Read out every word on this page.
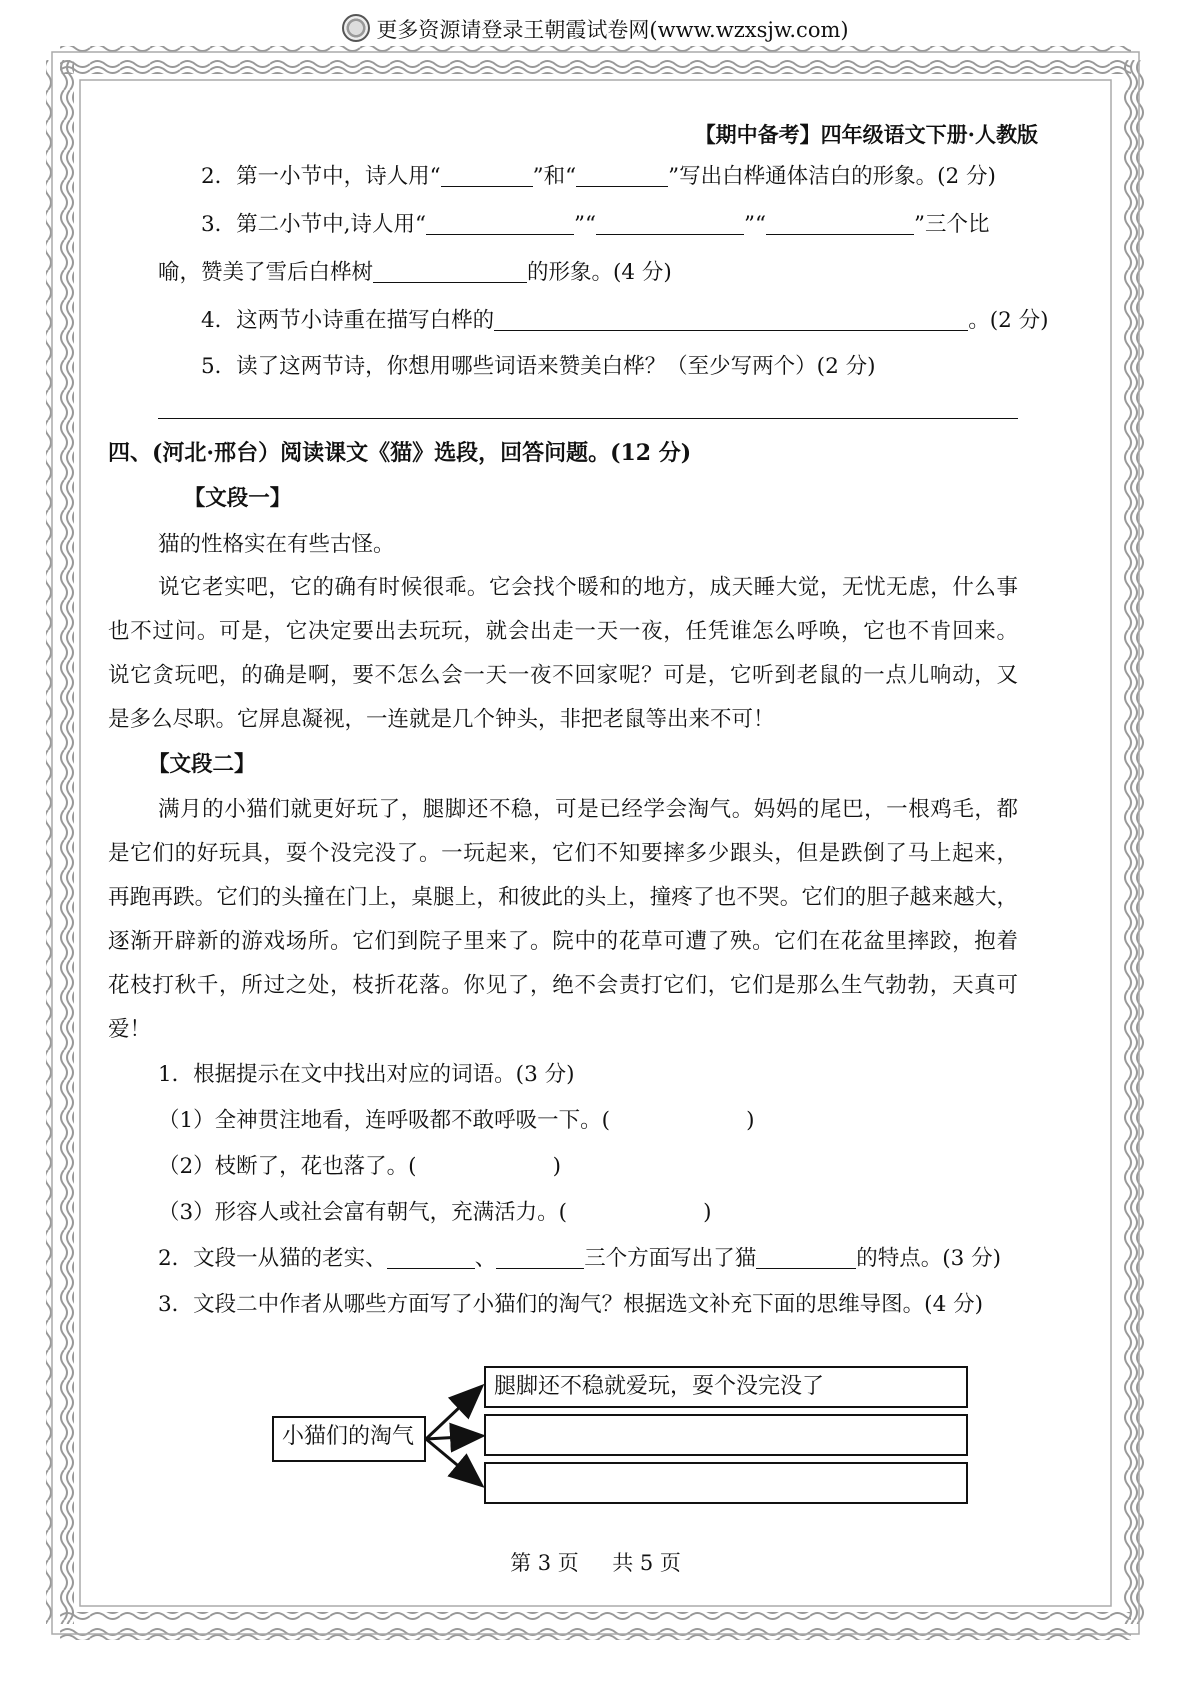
更多资源请登录王朝霞试卷网(www.wzxsjw.com)
【期中备考】四年级语文下册·人教版
2．第一小节中，诗人用“	”和“	”写出白桦通体洁白的形象。(2 分)
3．第二小节中,诗人用“	”“	”“	”三个比
喻，赞美了雪后白桦树	的形象。(4 分)
4．这两节小诗重在描写白桦的	。(2 分)
5．读了这两节诗，你想用哪些词语来赞美白桦？（至少写两个）(2 分)
四、(河北·邢台）阅读课文《猫》选段，回答问题。(12 分)
【文段一】
猫的性格实在有些古怪。
说它老实吧，它的确有时候很乖。它会找个暖和的地方，成天睡大觉，无忧无虑，什么事
也不过问。可是，它决定要出去玩玩，就会出走一天一夜，任凭谁怎么呼唤，它也不肯回来。
说它贪玩吧，的确是啊，要不怎么会一天一夜不回家呢？可是，它听到老鼠的一点儿响动，又
是多么尽职。它屏息凝视，一连就是几个钟头，非把老鼠等出来不可！
【文段二】
满月的小猫们就更好玩了，腿脚还不稳，可是已经学会淘气。妈妈的尾巴，一根鸡毛，都
是它们的好玩具，耍个没完没了。一玩起来，它们不知要摔多少跟头，但是跌倒了马上起来，
再跑再跌。它们的头撞在门上，桌腿上，和彼此的头上，撞疼了也不哭。它们的胆子越来越大，
逐渐开辟新的游戏场所。它们到院子里来了。院中的花草可遭了殃。它们在花盆里摔跤，抱着
花枝打秋千，所过之处，枝折花落。你见了，绝不会责打它们，它们是那么生气勃勃，天真可
爱！
1．根据提示在文中找出对应的词语。(3 分)
（1）全神贯注地看，连呼吸都不敢呼吸一下。(	)
（2）枝断了，花也落了。(	)
（3）形容人或社会富有朝气，充满活力。(	)
2．文段一从猫的老实、	、	三个方面写出了猫	的特点。(3 分)
3．文段二中作者从哪些方面写了小猫们的淘气？根据选文补充下面的思维导图。(4 分)
小猫们的淘气
腿脚还不稳就爱玩，耍个没完没了
第 3 页 共 5 页
